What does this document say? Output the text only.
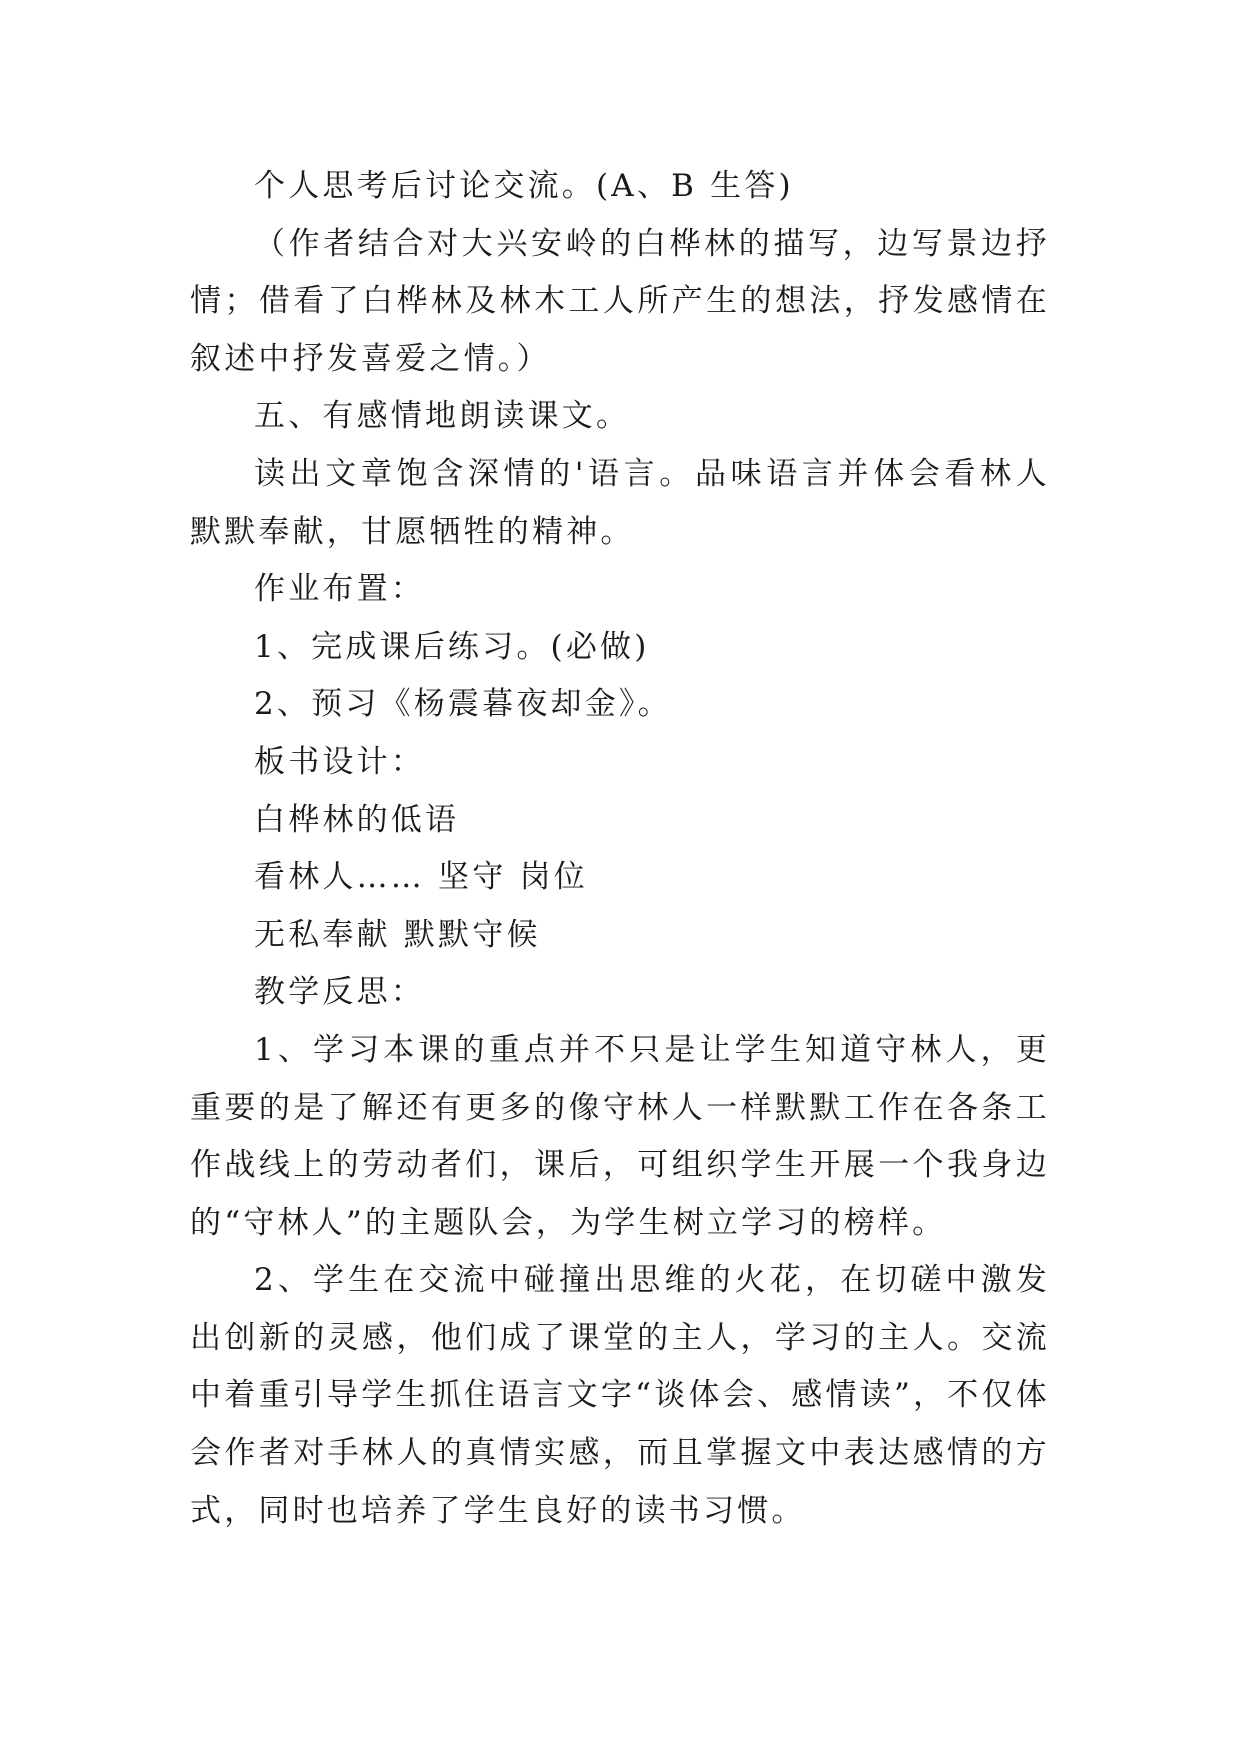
个人思考后讨论交流。(A、B 生答)

（作者结合对大兴安岭的白桦林的描写，边写景边抒情；借看了白桦林及林木工人所产生的想法，抒发感情在叙述中抒发喜爱之情。）

五、有感情地朗读课文。

读出文章饱含深情的'语言。品味语言并体会看林人默默奉献，甘愿牺牲的精神。

作业布置：

1、完成课后练习。(必做)

2、预习《杨震暮夜却金》。

板书设计：

白桦林的低语

看林人…… 坚守 岗位

无私奉献 默默守候

教学反思：

1、学习本课的重点并不只是让学生知道守林人，更重要的是了解还有更多的像守林人一样默默工作在各条工作战线上的劳动者们，课后，可组织学生开展一个我身边的“守林人”的主题队会，为学生树立学习的榜样。

2、学生在交流中碰撞出思维的火花，在切磋中激发出创新的灵感，他们成了课堂的主人，学习的主人。交流中着重引导学生抓住语言文字“谈体会、感情读”，不仅体会作者对手林人的真情实感，而且掌握文中表达感情的方式，同时也培养了学生良好的读书习惯。
